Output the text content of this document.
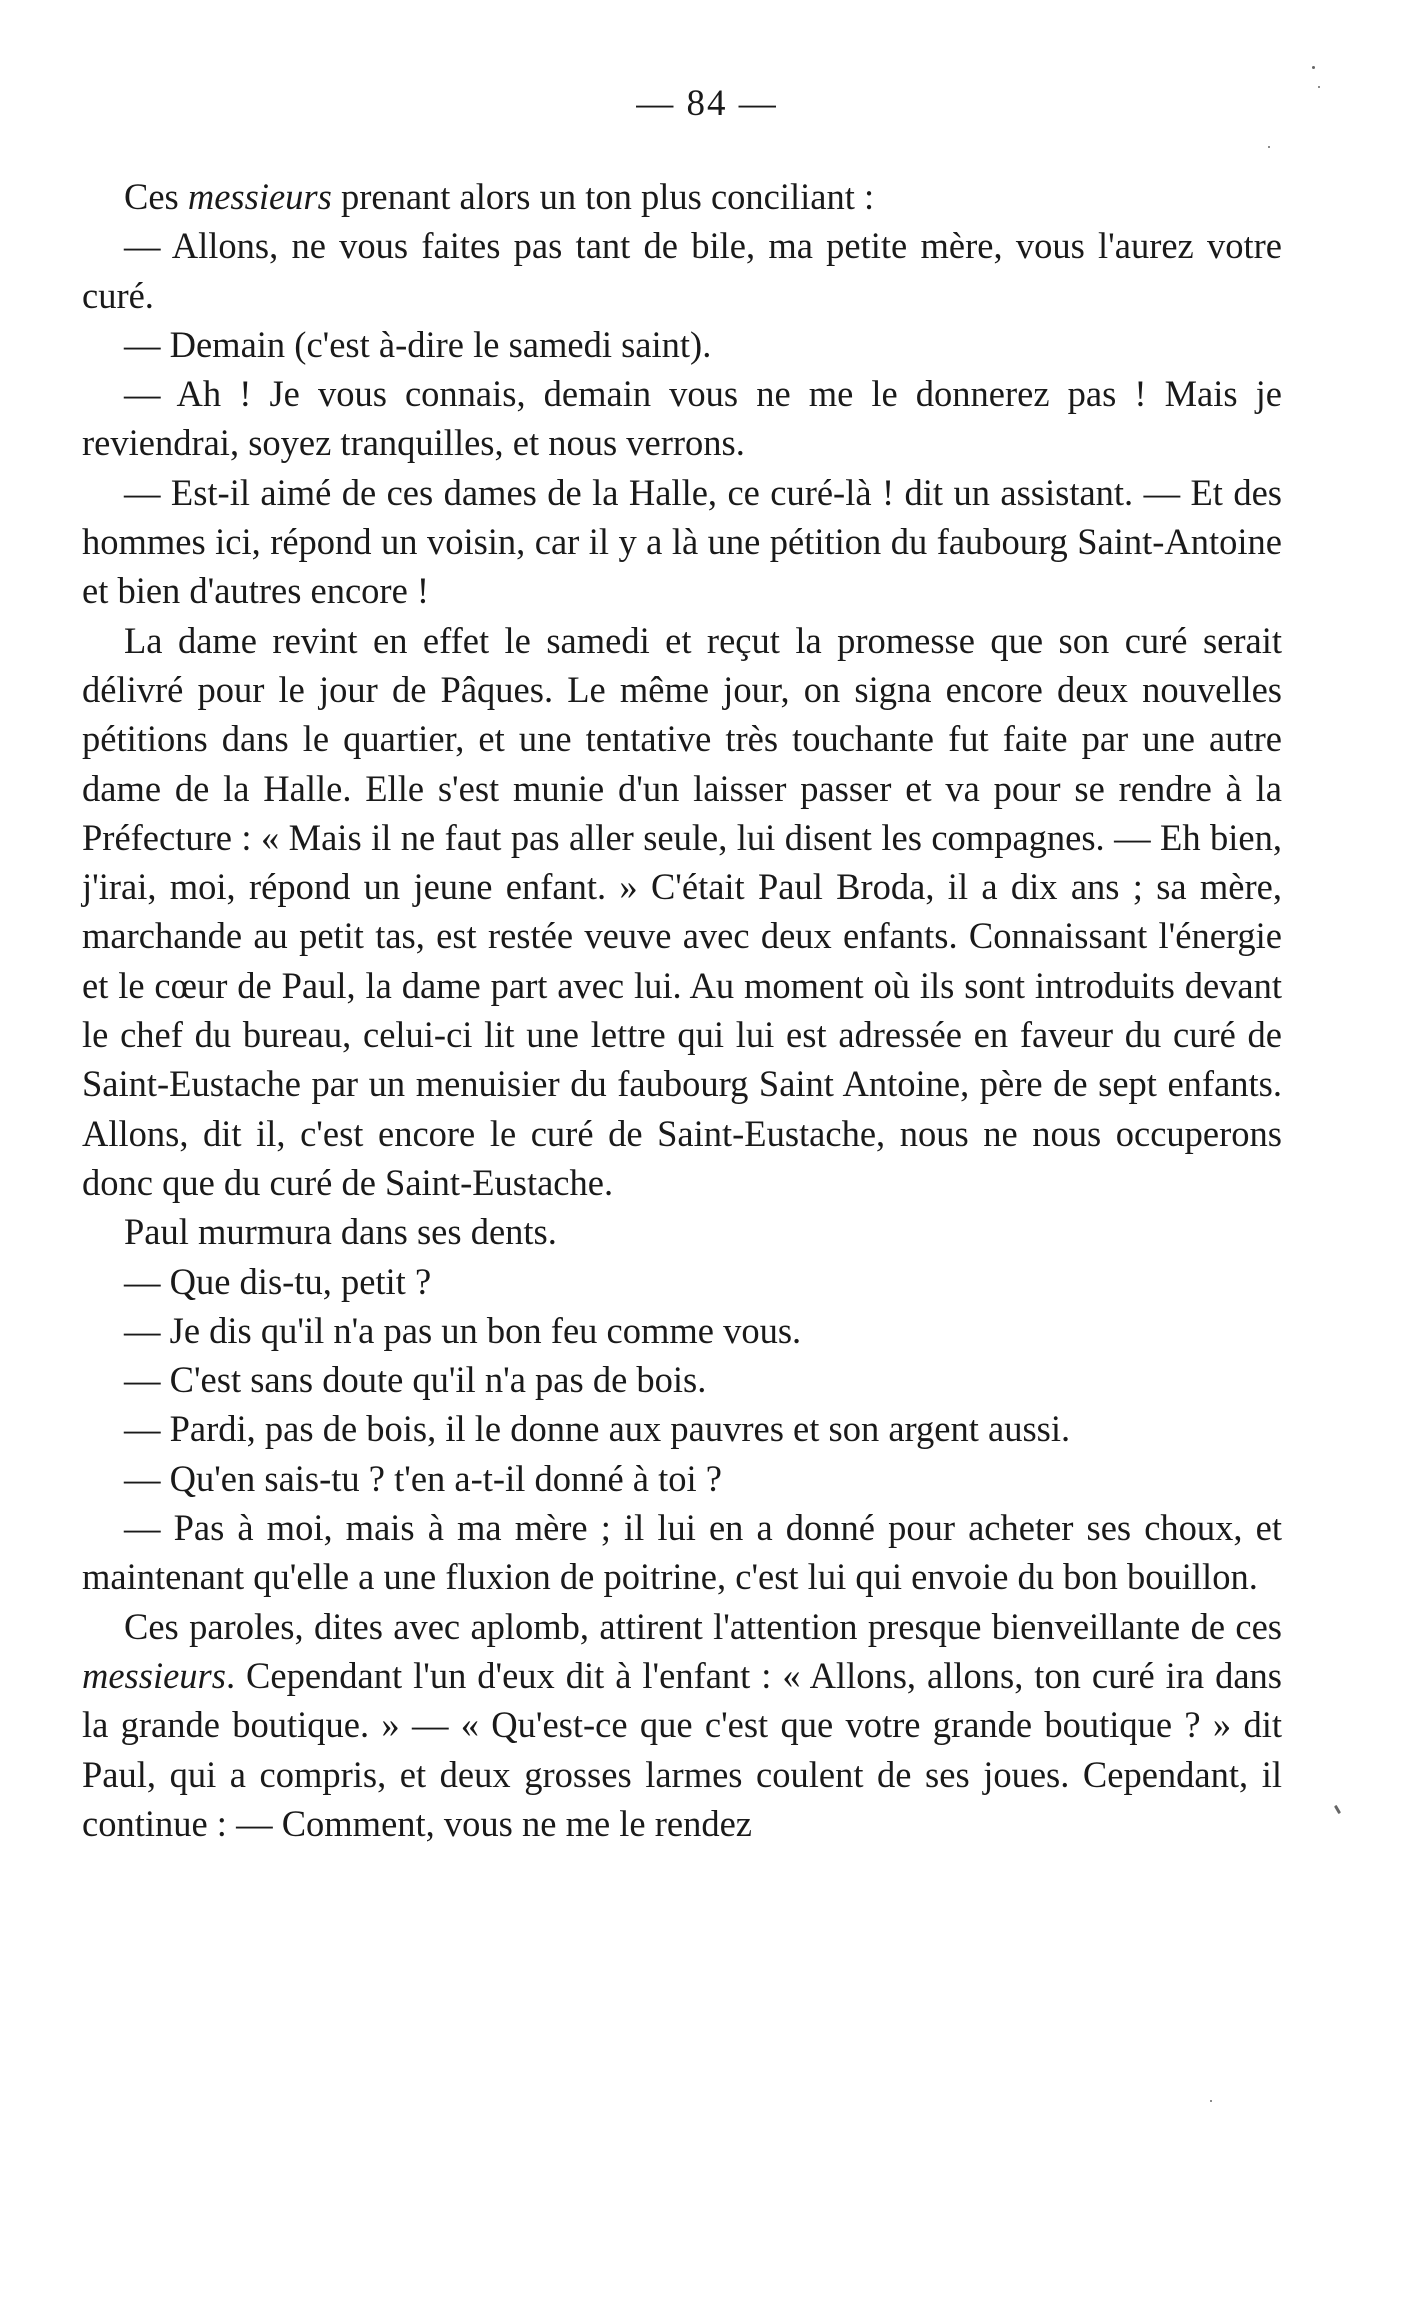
— 84 —

Ces messieurs prenant alors un ton plus conciliant :

— Allons, ne vous faites pas tant de bile, ma petite mère, vous l'aurez votre curé.

— Demain (c'est à-dire le samedi saint).

— Ah ! Je vous connais, demain vous ne me le donnerez pas ! Mais je reviendrai, soyez tranquilles, et nous verrons.

— Est-il aimé de ces dames de la Halle, ce curé-là ! dit un assistant. — Et des hommes ici, répond un voisin, car il y a là une pétition du faubourg Saint-Antoine et bien d'autres encore !

La dame revint en effet le samedi et reçut la promesse que son curé serait délivré pour le jour de Pâques. Le même jour, on signa encore deux nouvelles pétitions dans le quartier, et une tentative très touchante fut faite par une autre dame de la Halle. Elle s'est munie d'un laisser passer et va pour se rendre à la Préfecture : « Mais il ne faut pas aller seule, lui disent les compagnes. — Eh bien, j'irai, moi, répond un jeune enfant. » C'était Paul Broda, il a dix ans ; sa mère, marchande au petit tas, est restée veuve avec deux enfants. Connaissant l'énergie et le cœur de Paul, la dame part avec lui. Au moment où ils sont introduits devant le chef du bureau, celui-ci lit une lettre qui lui est adressée en faveur du curé de Saint-Eustache par un menuisier du faubourg Saint Antoine, père de sept enfants. Allons, dit il, c'est encore le curé de Saint-Eustache, nous ne nous occuperons donc que du curé de Saint-Eustache.

Paul murmura dans ses dents.

— Que dis-tu, petit ?

— Je dis qu'il n'a pas un bon feu comme vous.

— C'est sans doute qu'il n'a pas de bois.

— Pardi, pas de bois, il le donne aux pauvres et son argent aussi.

— Qu'en sais-tu ? t'en a-t-il donné à toi ?

— Pas à moi, mais à ma mère ; il lui en a donné pour acheter ses choux, et maintenant qu'elle a une fluxion de poitrine, c'est lui qui envoie du bon bouillon.

Ces paroles, dites avec aplomb, attirent l'attention presque bienveillante de ces messieurs. Cependant l'un d'eux dit à l'enfant : « Allons, allons, ton curé ira dans la grande boutique. » — « Qu'est-ce que c'est que votre grande boutique ? » dit Paul, qui a compris, et deux grosses larmes coulent de ses joues. Cependant, il continue : — Comment, vous ne me le rendez
